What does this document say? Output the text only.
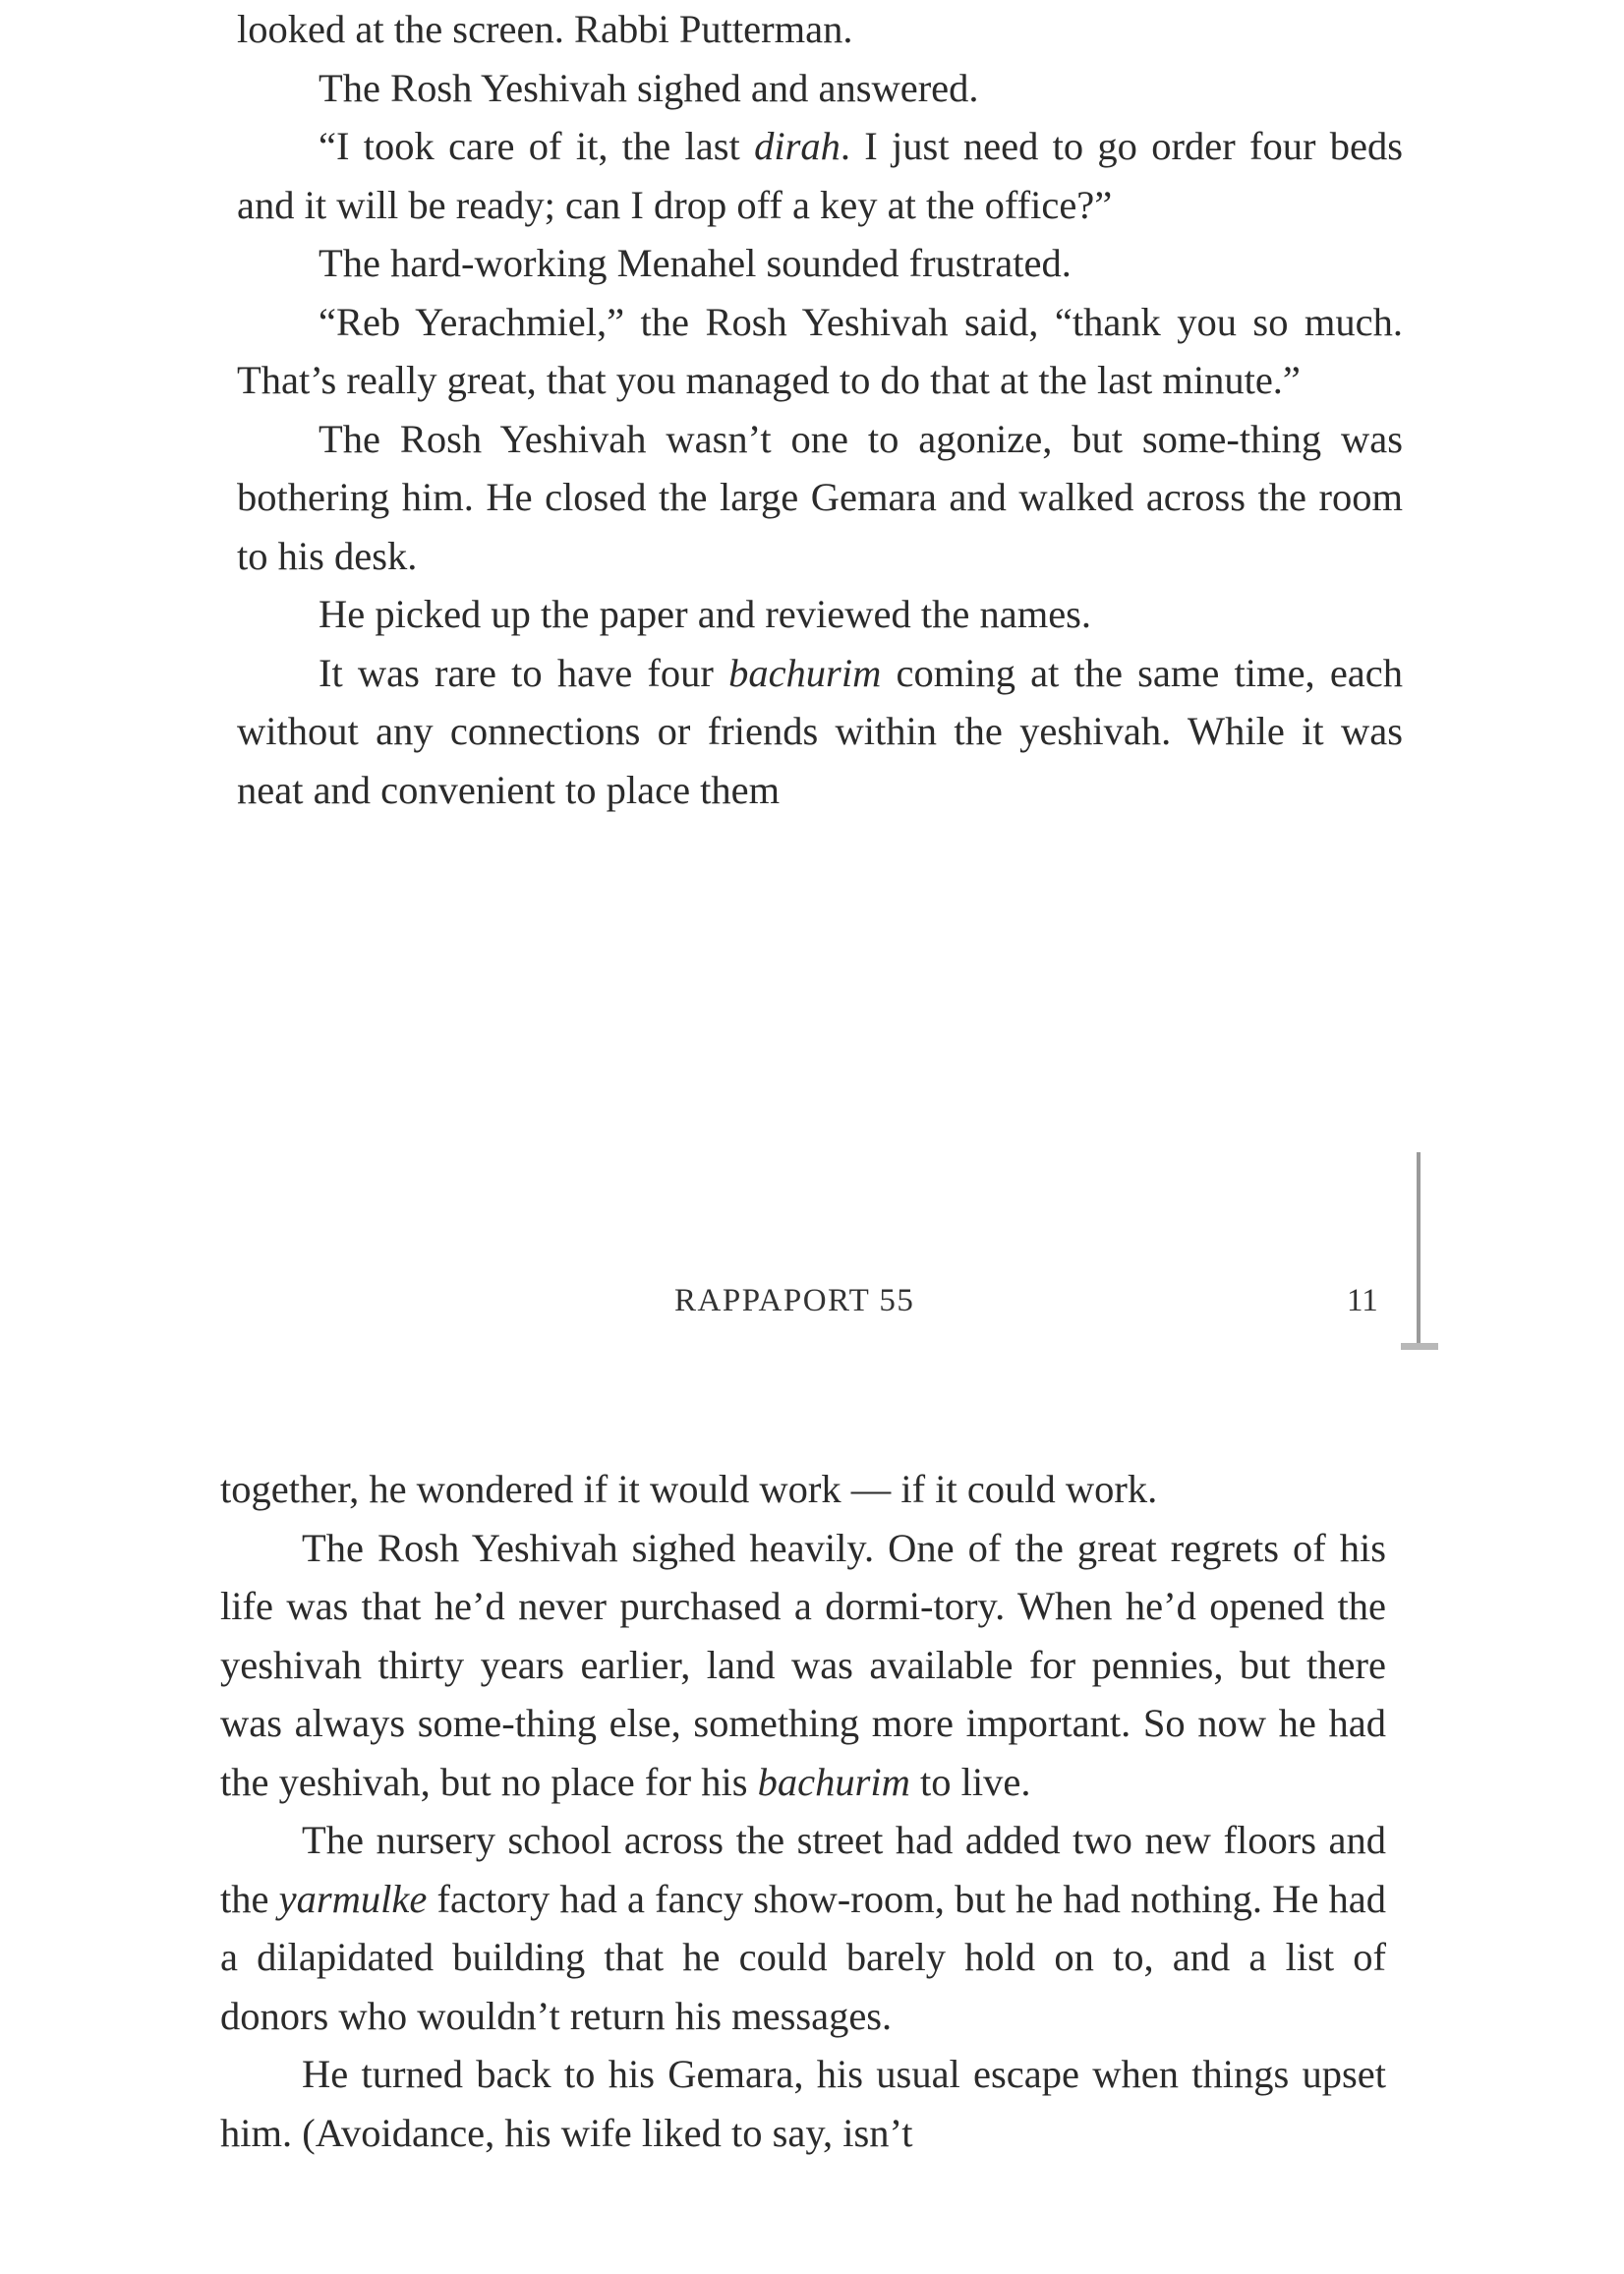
looked at the screen. Rabbi Putterman.

The Rosh Yeshivah sighed and answered.

“I took care of it, the last dirah. I just need to go order four beds and it will be ready; can I drop off a key at the office?”

The hard-working Menahel sounded frustrated.

“Reb Yerachmiel,” the Rosh Yeshivah said, “thank you so much. That’s really great, that you managed to do that at the last minute.”

The Rosh Yeshivah wasn’t one to agonize, but some-​thing was bothering him. He closed the large Gemara and walked across the room to his desk.

He picked up the paper and reviewed the names.

It was rare to have four bachurim coming at the same time, each without any connections or friends within the yeshivah. While it was neat and convenient to place them

RAPPAPORT 55	11

together, he wondered if it would work — if it could work.

The Rosh Yeshivah sighed heavily. One of the great regrets of his life was that he’d never purchased a dormi-​tory. When he’d opened the yeshivah thirty years earlier, land was available for pennies, but there was always some-​thing else, something more important. So now he had the yeshivah, but no place for his bachurim to live.

The nursery school across the street had added two new floors and the yarmulke factory had a fancy show-​room, but he had nothing. He had a dilapidated building that he could barely hold on to, and a list of donors who wouldn’t return his messages.

He turned back to his Gemara, his usual escape when things upset him. (Avoidance, his wife liked to say, isn’t
